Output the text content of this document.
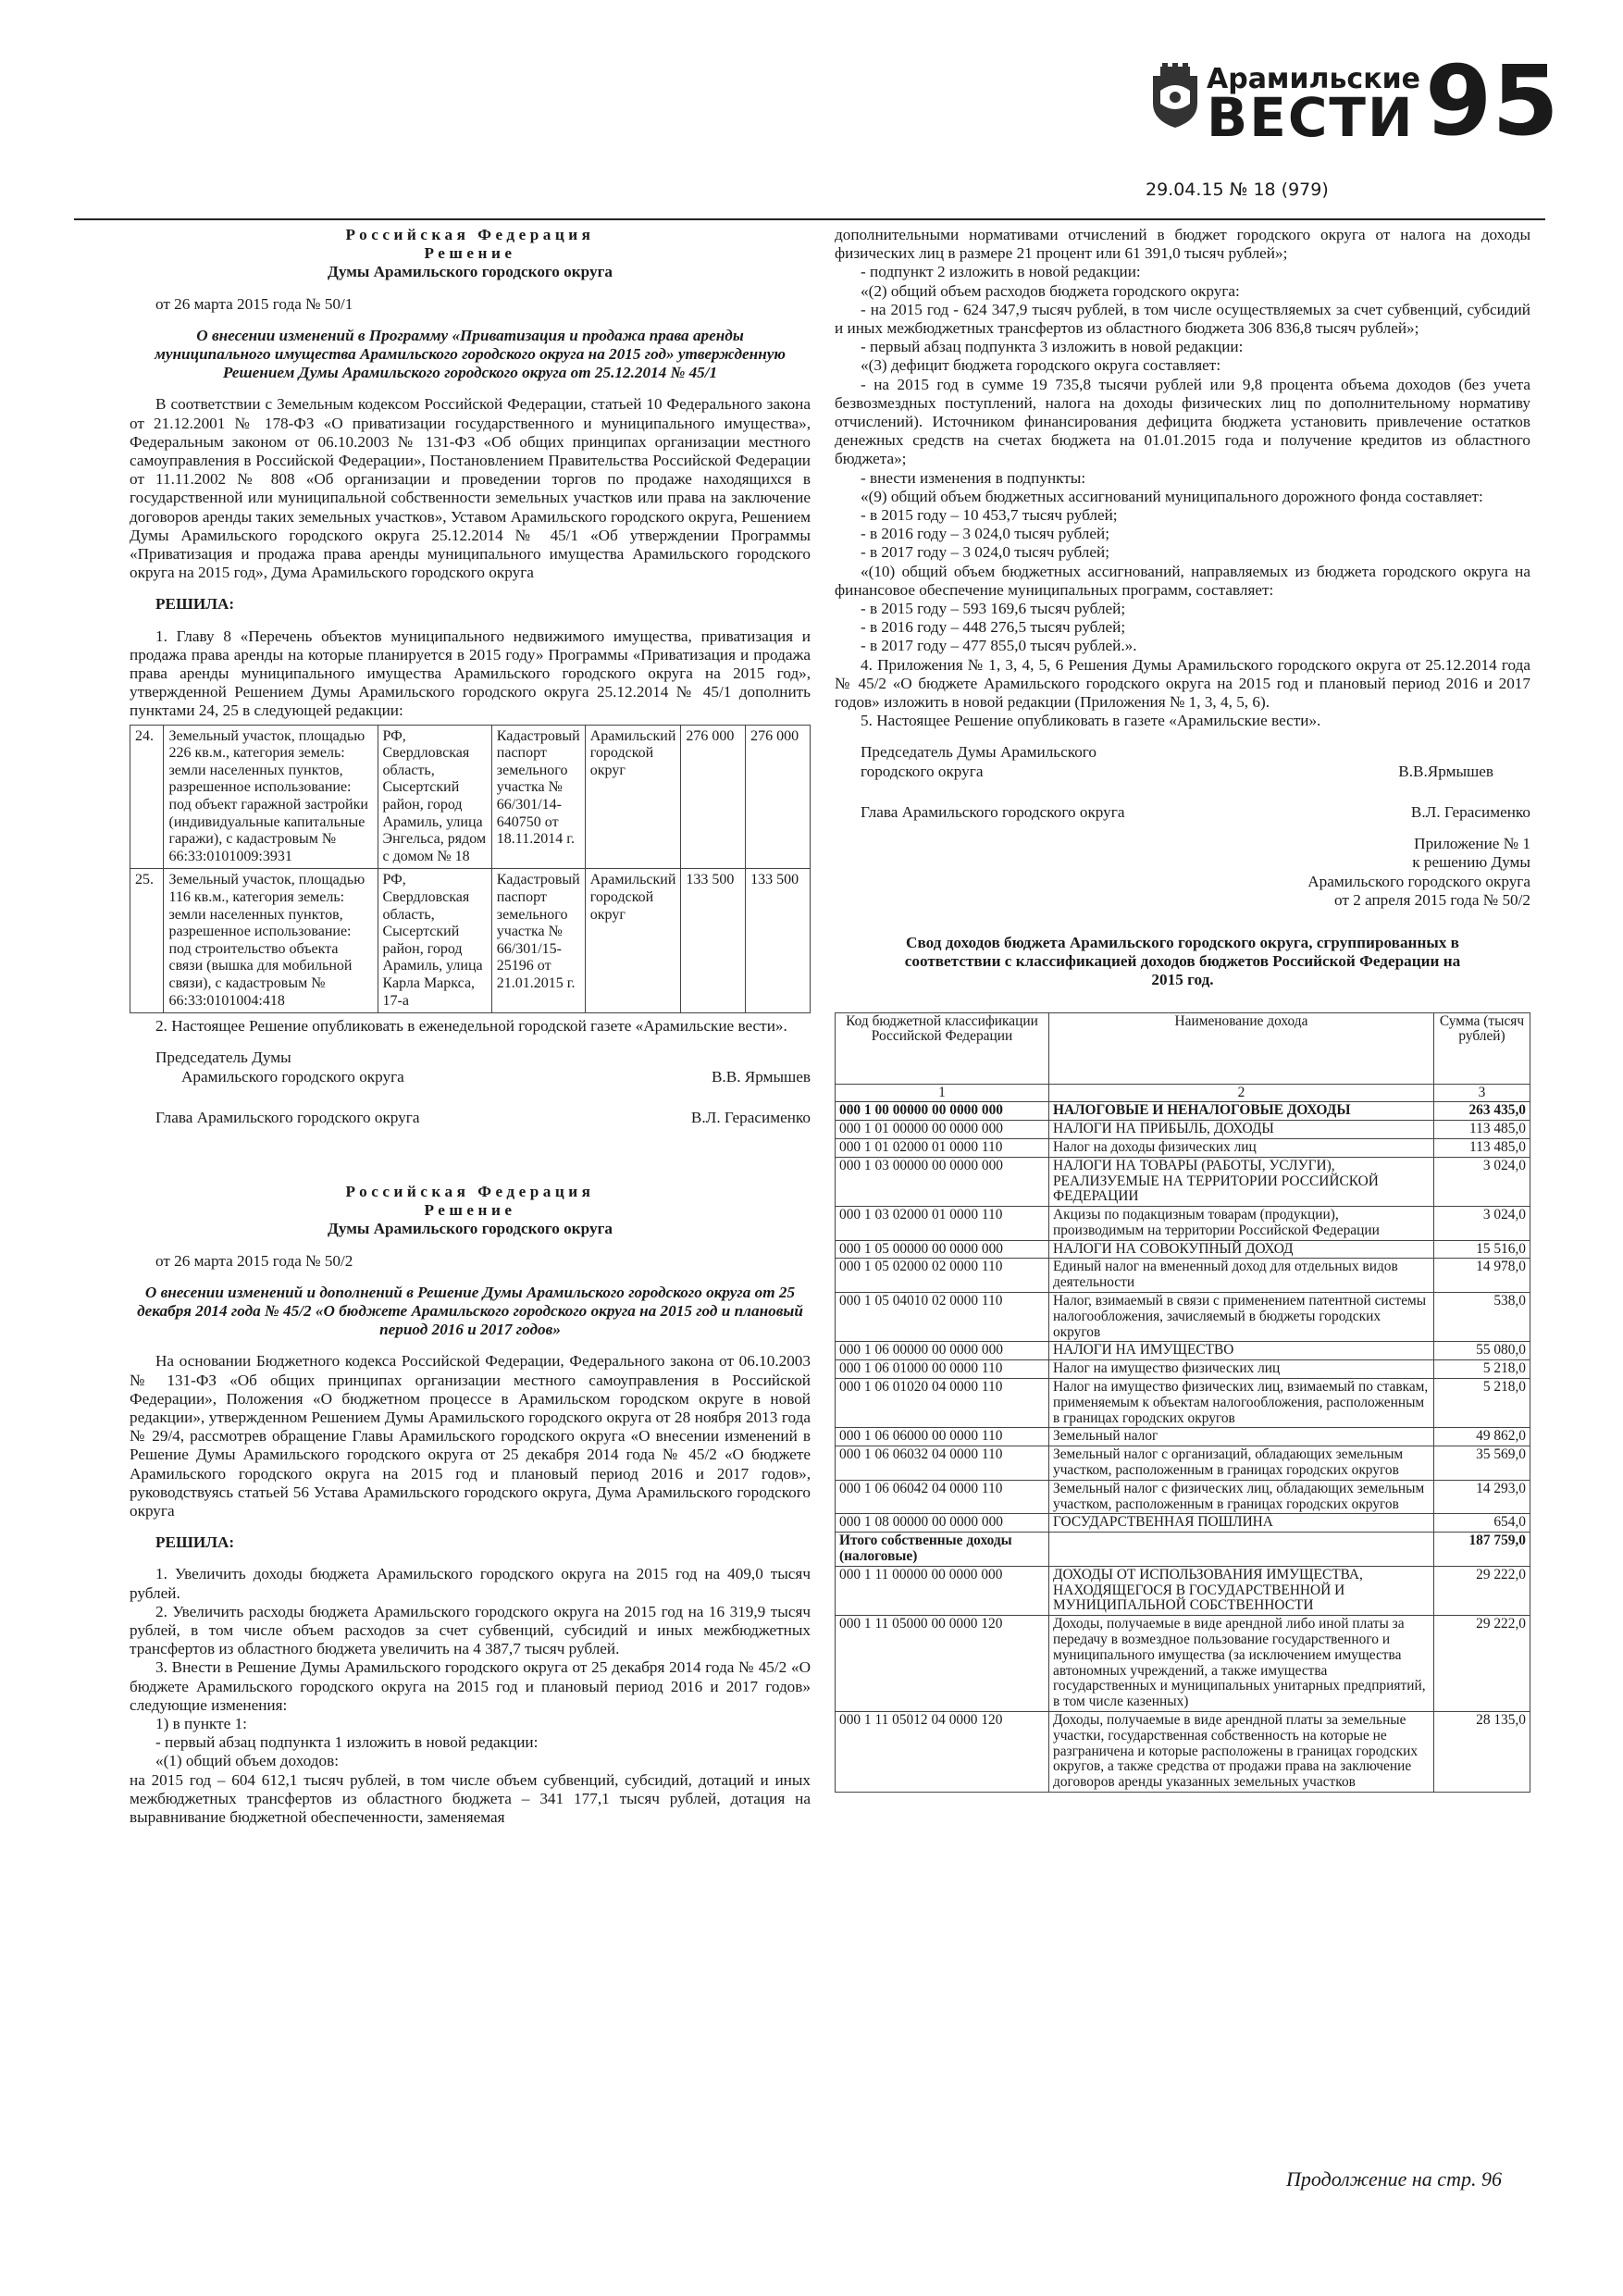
Арамильские
ВЕСТИ 95
29.04.15 № 18 (979)
Российская Федерация
Решение
Думы Арамильского городского округа

от 26 марта 2015 года № 50/1

О внесении изменений в Программу «Приватизация и продажа права аренды муниципального имущества Арамильского городского округа на 2015 год» утвержденную Решением Думы Арамильского городского округа от 25.12.2014 № 45/1

В соответствии с Земельным кодексом Российской Федерации, статьей 10 Федерального закона от 21.12.2001 № 178-ФЗ «О приватизации государственного и муниципального имущества», Федеральным законом от 06.10.2003 № 131-ФЗ «Об общих принципах организации местного самоуправления в Российской Федерации», Постановлением Правительства Российской Федерации от 11.11.2002 № 808 «Об организации и проведении торгов по продаже находящихся в государственной или муниципальной собственности земельных участков или права на заключение договоров аренды таких земельных участков», Уставом Арамильского городского округа, Решением Думы Арамильского городского округа 25.12.2014 № 45/1 «Об утверждении Программы «Приватизация и продажа права аренды муниципального имущества Арамильского городского округа на 2015 год», Дума Арамильского городского округа

РЕШИЛА:

1. Главу 8 «Перечень объектов муниципального недвижимого имущества, приватизация и продажа права аренды на которые планируется в 2015 году» Программы «Приватизация и продажа права аренды муниципального имущества Арамильского городского округа на 2015 год», утвержденной Решением Думы Арамильского городского округа 25.12.2014 № 45/1 дополнить пунктами 24, 25 в следующей редакции:

24.	Земельный участок, площадью 226 кв.м., категория земель: земли населенных пунктов, разрешенное использование: под объект гаражной застройки (индивидуальные капитальные гаражи), с кадастровым № 66:33:0101009:3931	РФ, Свердловская область, Сысертский район, город Арамиль, улица Энгельса, рядом с домом № 18	Кадастровый паспорт земельного участка № 66/301/14-640750 от 18.11.2014 г.	Арамильский городской округ	276 000	276 000
25.	Земельный участок, площадью 116 кв.м., категория земель: земли населенных пунктов, разрешенное использование: под строительство объекта связи (вышка для мобильной связи), с кадастровым № 66:33:0101004:418	РФ, Свердловская область, Сысертский район, город Арамиль, улица Карла Маркса, 17-а	Кадастровый паспорт земельного участка № 66/301/15-25196 от 21.01.2015 г.	Арамильский городской округ	133 500	133 500

2. Настоящее Решение опубликовать в еженедельной городской газете «Арамильские вести».

Председатель Думы

Арамильского городского округа	В.В. Ярмышев
Глава Арамильского городского округа	В.Л. Герасименко
Российская Федерация
Решение
Думы Арамильского городского округа

от 26 марта 2015 года № 50/2

О внесении изменений и дополнений в Решение Думы Арамильского городского округа от 25 декабря 2014 года № 45/2 «О бюджете Арамильского городского округа на 2015 год и плановый период 2016 и 2017 годов»

На основании Бюджетного кодекса Российской Федерации, Федерального закона от 06.10.2003 № 131-ФЗ «Об общих принципах организации местного самоуправления в Российской Федерации», Положения «О бюджетном процессе в Арамильском городском округе в новой редакции», утвержденном Решением Думы Арамильского городского округа от 28 ноября 2013 года № 29/4, рассмотрев обращение Главы Арамильского городского округа «О внесении изменений в Решение Думы Арамильского городского округа от 25 декабря 2014 года № 45/2 «О бюджете Арамильского городского округа на 2015 год и плановый период 2016 и 2017 годов», руководствуясь статьей 56 Устава Арамильского городского округа, Дума Арамильского городского округа

РЕШИЛА:

1. Увеличить доходы бюджета Арамильского городского округа на 2015 год на 409,0 тысяч рублей.

2. Увеличить расходы бюджета Арамильского городского округа на 2015 год на 16 319,9 тысяч рублей, в том числе объем расходов за счет субвенций, субсидий и иных межбюджетных трансфертов из областного бюджета увеличить на 4 387,7 тысяч рублей.

3. Внести в Решение Думы Арамильского городского округа от 25 декабря 2014 года № 45/2 «О бюджете Арамильского городского округа на 2015 год и плановый период 2016 и 2017 годов» следующие изменения:

1) в пункте 1:

- первый абзац подпункта 1 изложить в новой редакции:

«(1) общий объем доходов:

на 2015 год – 604 612,1 тысяч рублей, в том числе объем субвенций, субсидий, дотаций и иных межбюджетных трансфертов из областного бюджета – 341 177,1 тысяч рублей, дотация на выравнивание бюджетной обеспеченности, заменяемая

дополнительными нормативами отчислений в бюджет городского округа от налога на доходы физических лиц в размере 21 процент или 61 391,0 тысяч рублей»;

- подпункт 2 изложить в новой редакции:

«(2) общий объем расходов бюджета городского округа:

- на 2015 год - 624 347,9 тысяч рублей, в том числе осуществляемых за счет субвенций, субсидий и иных межбюджетных трансфертов из областного бюджета 306 836,8 тысяч рублей»;

- первый абзац подпункта 3 изложить в новой редакции:

«(3) дефицит бюджета городского округа составляет:

- на 2015 год в сумме 19 735,8 тысячи рублей или 9,8 процента объема доходов (без учета безвозмездных поступлений, налога на доходы физических лиц по дополнительному нормативу отчислений). Источником финансирования дефицита бюджета установить привлечение остатков денежных средств на счетах бюджета на 01.01.2015 года и получение кредитов из областного бюджета»;

- внести изменения в подпункты:

«(9) общий объем бюджетных ассигнований муниципального дорожного фонда составляет:

- в 2015 году – 10 453,7 тысяч рублей;

- в 2016 году – 3 024,0 тысяч рублей;

- в 2017 году – 3 024,0 тысяч рублей;

«(10) общий объем бюджетных ассигнований, направляемых из бюджета городского округа на финансовое обеспечение муниципальных программ, составляет:

- в 2015 году – 593 169,6 тысяч рублей;

- в 2016 году – 448 276,5 тысяч рублей;

- в 2017 году – 477 855,0 тысяч рублей.».

4. Приложения № 1, 3, 4, 5, 6 Решения Думы Арамильского городского округа от 25.12.2014 года № 45/2 «О бюджете Арамильского городского округа на 2015 год и плановый период 2016 и 2017 годов» изложить в новой редакции (Приложения № 1, 3, 4, 5, 6).

5. Настоящее Решение опубликовать в газете «Арамильские вести».

Председатель Думы Арамильского

городского округа	В.В.Ярмышев
Глава Арамильского городского округа	В.Л. Герасименко
Приложение № 1
к решению Думы
Арамильского городского округа
от 2 апреля 2015 года № 50/2

Свод доходов бюджета Арамильского городского округа, сгруппированных в соответствии с классификацией доходов бюджетов Российской Федерации на 2015 год.

Код бюджетной классификации Российской Федерации	Наименование дохода	Сумма (тысяч рублей)
1	2	3
000 1 00 00000 00 0000 000	НАЛОГОВЫЕ И НЕНАЛОГОВЫЕ ДОХОДЫ	263 435,0
000 1 01 00000 00 0000 000	НАЛОГИ НА ПРИБЫЛЬ, ДОХОДЫ	113 485,0
000 1 01 02000 01 0000 110	Налог на доходы физических лиц	113 485,0
000 1 03 00000 00 0000 000	НАЛОГИ НА ТОВАРЫ (РАБОТЫ, УСЛУГИ), РЕАЛИЗУЕМЫЕ НА ТЕРРИТОРИИ РОССИЙСКОЙ ФЕДЕРАЦИИ	3 024,0
000 1 03 02000 01 0000 110	Акцизы по подакцизным товарам (продукции), производимым на территории Российской Федерации	3 024,0
000 1 05 00000 00 0000 000	НАЛОГИ НА СОВОКУПНЫЙ ДОХОД	15 516,0
000 1 05 02000 02 0000 110	Единый налог на вмененный доход для отдельных видов деятельности	14 978,0
000 1 05 04010 02 0000 110	Налог, взимаемый в связи с применением патентной системы налогообложения, зачисляемый в бюджеты городских округов	538,0
000 1 06 00000 00 0000 000	НАЛОГИ НА ИМУЩЕСТВО	55 080,0
000 1 06 01000 00 0000 110	Налог на имущество физических лиц	5 218,0
000 1 06 01020 04 0000 110	Налог на имущество физических лиц, взимаемый по ставкам, применяемым к объектам налогообложения, расположенным в границах городских округов	5 218,0
000 1 06 06000 00 0000 110	Земельный налог	49 862,0
000 1 06 06032 04 0000 110	Земельный налог с организаций, обладающих земельным участком, расположенным в границах городских округов	35 569,0
000 1 06 06042 04 0000 110	Земельный налог с физических лиц, обладающих земельным участком, расположенным в границах городских округов	14 293,0
000 1 08 00000 00 0000 000	ГОСУДАРСТВЕННАЯ ПОШЛИНА	654,0
Итого собственные доходы (налоговые)		187 759,0
000 1 11 00000 00 0000 000	ДОХОДЫ ОТ ИСПОЛЬЗОВАНИЯ ИМУЩЕСТВА, НАХОДЯЩЕГОСЯ В ГОСУДАРСТВЕННОЙ И МУНИЦИПАЛЬНОЙ СОБСТВЕННОСТИ	29 222,0
000 1 11 05000 00 0000 120	Доходы, получаемые в виде арендной либо иной платы за передачу в возмездное пользование государственного и муниципального имущества (за исключением имущества автономных учреждений, а также имущества государственных и муниципальных унитарных предприятий, в том числе казенных)	29 222,0
000 1 11 05012 04 0000 120	Доходы, получаемые в виде арендной платы за земельные участки, государственная собственность на которые не разграничена и которые расположены в границах городских округов, а также средства от продажи права на заключение договоров аренды указанных земельных участков	28 135,0
Продолжение на стр. 96
